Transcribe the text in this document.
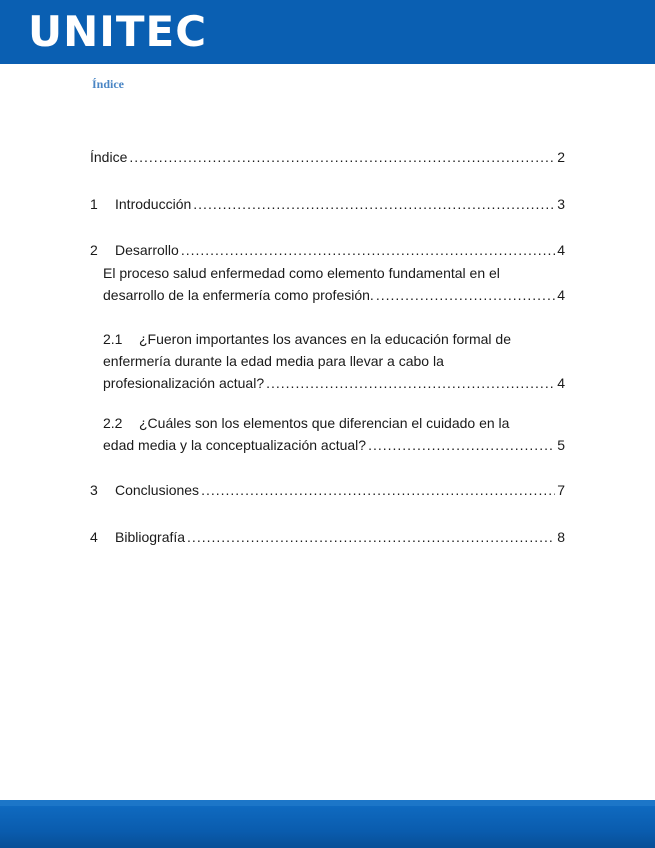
UNITEC
Índice
Índice .....	2
1	Introducción .....	3
2	Desarrollo .....	4
El proceso salud enfermedad como elemento fundamental en el
desarrollo de la enfermería como profesión. .....	4
2.1	¿Fueron importantes los avances en la educación formal de
enfermería durante la edad media para llevar a cabo la
profesionalización actual? .....	4
2.2	¿Cuáles son los elementos que diferencian el cuidado en la
edad media y la conceptualización actual? .....	5
3	Conclusiones .....	7
4	Bibliografía .....	8
